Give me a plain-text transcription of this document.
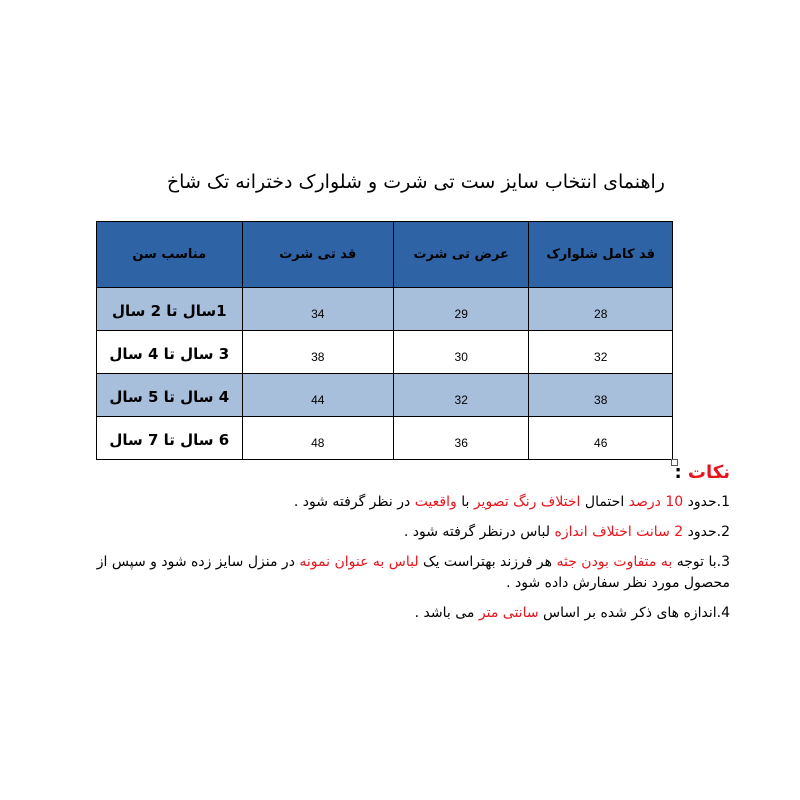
راهنمای انتخاب سایز ست تی شرت و شلوارک دخترانه تک شاخ
قد کامل شلوارک	عرض تی شرت	قد تی شرت	مناسب سن
28	29	34	1سال تا 2 سال
32	30	38	3 سال تا 4 سال
38	32	44	4 سال تا 5 سال
46	36	48	6 سال تا 7 سال
نکات :
1.حدود 10 درصد احتمال اختلاف رنگ تصویر با واقعیت در نظر گرفته شود .
2.حدود 2 سانت اختلاف اندازه لباس درنظر گرفته شود .
3.با توجه به متفاوت بودن جثه هر فرزند بهتراست یک لباس به عنوان نمونه در منزل سایز زده شود و سپس از محصول مورد نظر سفارش داده شود .
4.اندازه های ذکر شده بر اساس سانتی متر می باشد .
